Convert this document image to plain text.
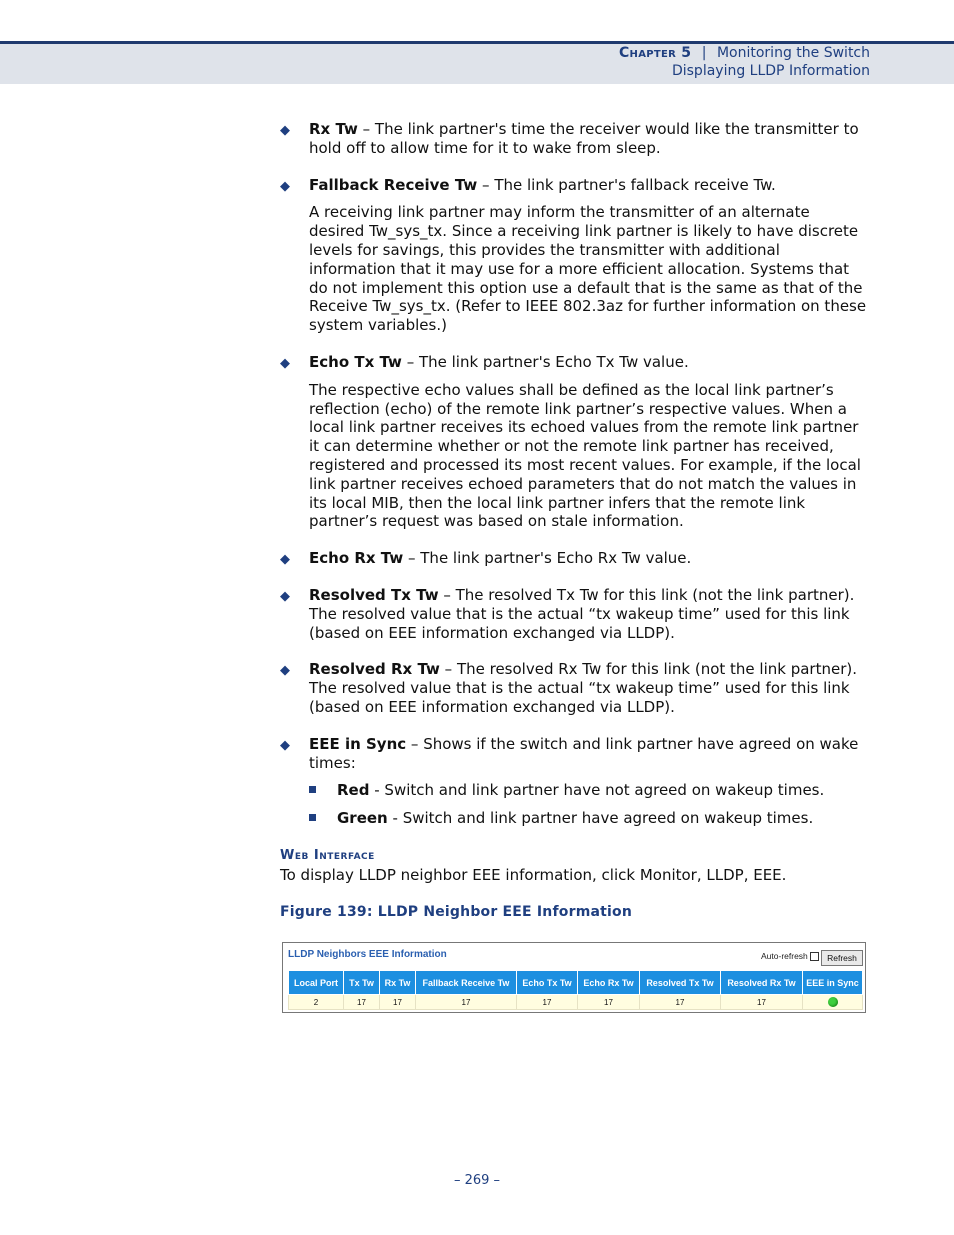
Chapter 5 | Monitoring the Switch
Displaying LLDP Information
◆ Rx Tw – The link partner's time the receiver would like the transmitter to hold off to allow time for it to wake from sleep.

◆ Fallback Receive Tw – The link partner's fallback receive Tw.

A receiving link partner may inform the transmitter of an alternate desired Tw_sys_tx. Since a receiving link partner is likely to have discrete levels for savings, this provides the transmitter with additional information that it may use for a more efficient allocation. Systems that do not implement this option use a default that is the same as that of the Receive Tw_sys_tx. (Refer to IEEE 802.3az for further information on these system variables.)

◆ Echo Tx Tw – The link partner's Echo Tx Tw value.

The respective echo values shall be defined as the local link partner’s reflection (echo) of the remote link partner’s respective values. When a local link partner receives its echoed values from the remote link partner it can determine whether or not the remote link partner has received, registered and processed its most recent values. For example, if the local link partner receives echoed parameters that do not match the values in its local MIB, then the local link partner infers that the remote link partner’s request was based on stale information.

◆ Echo Rx Tw – The link partner's Echo Rx Tw value.

◆ Resolved Tx Tw – The resolved Tx Tw for this link (not the link partner). The resolved value that is the actual “tx wakeup time” used for this link (based on EEE information exchanged via LLDP).

◆ Resolved Rx Tw – The resolved Rx Tw for this link (not the link partner). The resolved value that is the actual “tx wakeup time” used for this link (based on EEE information exchanged via LLDP).

◆ EEE in Sync – Shows if the switch and link partner have agreed on wake times:

Red - Switch and link partner have not agreed on wakeup times.
Green - Switch and link partner have agreed on wakeup times.
Web Interface
To display LLDP neighbor EEE information, click Monitor, LLDP, EEE.
Figure 139: LLDP Neighbor EEE Information
LLDP Neighbors EEE Information	Auto-refresh	Refresh
Local Port	Tx Tw	Rx Tw	Fallback Receive Tw	Echo Tx Tw	Echo Rx Tw	Resolved Tx Tw	Resolved Rx Tw	EEE in Sync
2	17	17	17	17	17	17	17	
– 269 –
